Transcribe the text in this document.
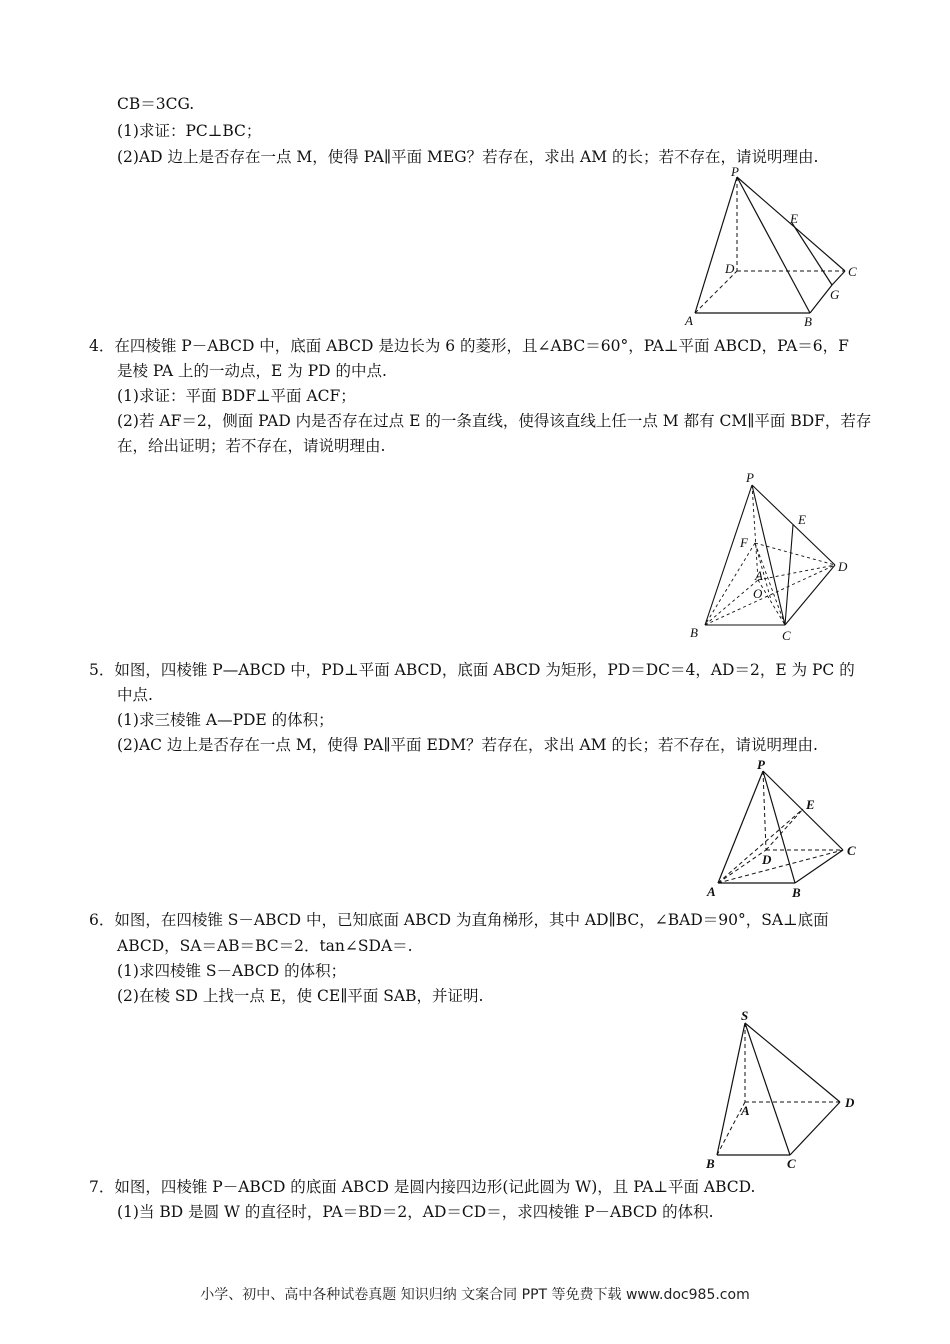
CB＝3CG.
(1)求证：PC⊥BC；
(2)AD 边上是否存在一点 M，使得 PA∥平面 MEG？若存在，求出 AM 的长；若不存在，请说明理由.
P
E
D	C
G
A	B
4．在四棱锥 P－ABCD 中，底面 ABCD 是边长为 6 的菱形，且∠ABC＝60°，PA⊥平面 ABCD，PA＝6，F
是棱 PA 上的一动点，E 为 PD 的中点.
(1)求证：平面 BDF⊥平面 ACF；
(2)若 AF＝2，侧面 PAD 内是否存在过点 E 的一条直线，使得该直线上任一点 M 都有 CM∥平面 BDF，若存
在，给出证明；若不存在，请说明理由.
P
E
F
A
D
O
B	C
5．如图，四棱锥 P—ABCD 中，PD⊥平面 ABCD，底面 ABCD 为矩形，PD＝DC＝4，AD＝2，E 为 PC 的
中点.
(1)求三棱锥 A—PDE 的体积；
(2)AC 边上是否存在一点 M，使得 PA∥平面 EDM？若存在，求出 AM 的长；若不存在，请说明理由.
P
E
D
C
A	B
6．如图，在四棱锥 S－ABCD 中，已知底面 ABCD 为直角梯形，其中 AD∥BC，∠BAD＝90°，SA⊥底面
ABCD，SA＝AB＝BC＝2．tan∠SDA＝.
(1)求四棱锥 S－ABCD 的体积；
(2)在棱 SD 上找一点 E，使 CE∥平面 SAB，并证明.
S
A
D
B	C
7．如图，四棱锥 P－ABCD 的底面 ABCD 是圆内接四边形(记此圆为 W)，且 PA⊥平面 ABCD.
(1)当 BD 是圆 W 的直径时，PA＝BD＝2，AD＝CD＝，求四棱锥 P－ABCD 的体积.
小学、初中、高中各种试卷真题 知识归纳 文案合同 PPT 等免费下载 www.doc985.com
